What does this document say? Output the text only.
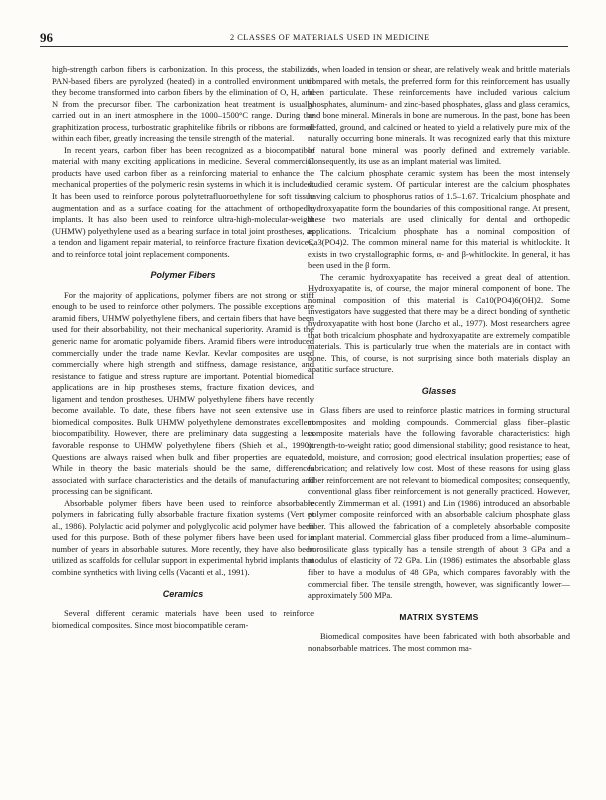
96	2 CLASSES OF MATERIALS USED IN MEDICINE

high-strength carbon fibers is carbonization. In this process, the stabilized PAN-based fibers are pyrolyzed (heated) in a controlled environment until they become transformed into carbon fibers by the elimination of O, H, and N from the precursor fiber. The carbonization heat treatment is usually carried out in an inert atmosphere in the 1000–1500°C range. During the graphitization process, turbostratic graphitelike fibrils or ribbons are formed within each fiber, greatly increasing the tensile strength of the material.

In recent years, carbon fiber has been recognized as a biocompatible material with many exciting applications in medicine. Several commercial products have used carbon fiber as a reinforcing material to enhance the mechanical properties of the polymeric resin systems in which it is included. It has been used to reinforce porous polytetrafluoroethylene for soft tissue augmentation and as a surface coating for the attachment of orthopedic implants. It has also been used to reinforce ultra-high-molecular-weight (UHMW) polyethylene used as a bearing surface in total joint prostheses, as a tendon and ligament repair material, to reinforce fracture fixation devices, and to reinforce total joint replacement components.

Polymer Fibers

For the majority of applications, polymer fibers are not strong or stiff enough to be used to reinforce other polymers. The possible exceptions are aramid fibers, UHMW polyethylene fibers, and certain fibers that have been used for their absorbability, not their mechanical superiority. Aramid is the generic name for aromatic polyamide fibers. Aramid fibers were introduced commercially under the trade name Kevlar. Kevlar composites are used commercially where high strength and stiffness, damage resistance, and resistance to fatigue and stress rupture are important. Potential biomedical applications are in hip prostheses stems, fracture fixation devices, and ligament and tendon prostheses. UHMW polyethylene fibers have recently become available. To date, these fibers have not seen extensive use in biomedical composites. Bulk UHMW polyethylene demonstrates excellent biocompatibility. However, there are preliminary data suggesting a less favorable response to UHMW polyethylene fibers (Shieh et al., 1990). Questions are always raised when bulk and fiber properties are equated. While in theory the basic materials should be the same, differences associated with surface characteristics and the details of manufacturing and processing can be significant.

Absorbable polymer fibers have been used to reinforce absorbable polymers in fabricating fully absorbable fracture fixation systems (Vert et al., 1986). Polylactic acid polymer and polyglycolic acid polymer have been used for this purpose. Both of these polymer fibers have been used for a number of years in absorbable sutures. More recently, they have also been utilized as scaffolds for cellular support in experimental hybrid implants that combine synthetics with living cells (Vacanti et al., 1991).

Ceramics

Several different ceramic materials have been used to reinforce biomedical composites. Since most biocompatible ceram-

ics, when loaded in tension or shear, are relatively weak and brittle materials compared with metals, the preferred form for this reinforcement has usually been particulate. These reinforcements have included various calcium phosphates, aluminum- and zinc-based phosphates, glass and glass ceramics, and bone mineral. Minerals in bone are numerous. In the past, bone has been defatted, ground, and calcined or heated to yield a relatively pure mix of the naturally occurring bone minerals. It was recognized early that this mixture of natural bone mineral was poorly defined and extremely variable. Consequently, its use as an implant material was limited.

The calcium phosphate ceramic system has been the most intensely studied ceramic system. Of particular interest are the calcium phosphates having calcium to phosphorus ratios of 1.5–1.67. Tricalcium phosphate and hydroxyapatite form the boundaries of this compositional range. At present, these two materials are used clinically for dental and orthopedic applications. Tricalcium phosphate has a nominal composition of Ca3(PO4)2. The common mineral name for this material is whitlockite. It exists in two crystallographic forms, α- and β-whitlockite. In general, it has been used in the β form.

The ceramic hydroxyapatite has received a great deal of attention. Hydroxyapatite is, of course, the major mineral component of bone. The nominal composition of this material is Ca10(PO4)6(OH)2. Some investigators have suggested that there may be a direct bonding of synthetic hydroxyapatite with host bone (Jarcho et al., 1977). Most researchers agree that both tricalcium phosphate and hydroxyapatite are extremely compatible materials. This is particularly true when the materials are in contact with bone. This, of course, is not surprising since both materials display an apatitic surface structure.

Glasses

Glass fibers are used to reinforce plastic matrices in forming structural composites and molding compounds. Commercial glass fiber–plastic composite materials have the following favorable characteristics: high strength-to-weight ratio; good dimensional stability; good resistance to heat, cold, moisture, and corrosion; good electrical insulation properties; ease of fabrication; and relatively low cost. Most of these reasons for using glass fiber reinforcement are not relevant to biomedical composites; consequently, conventional glass fiber reinforcement is not generally practiced. However, recently Zimmerman et al. (1991) and Lin (1986) introduced an absorbable polymer composite reinforced with an absorbable calcium phosphate glass fiber. This allowed the fabrication of a completely absorbable composite implant material. Commercial glass fiber produced from a lime–aluminum–borosilicate glass typically has a tensile strength of about 3 GPa and a modulus of elasticity of 72 GPa. Lin (1986) estimates the absorbable glass fiber to have a modulus of 48 GPa, which compares favorably with the commercial fiber. The tensile strength, however, was significantly lower—approximately 500 MPa.

MATRIX SYSTEMS

Biomedical composites have been fabricated with both absorbable and nonabsorbable matrices. The most common ma-
